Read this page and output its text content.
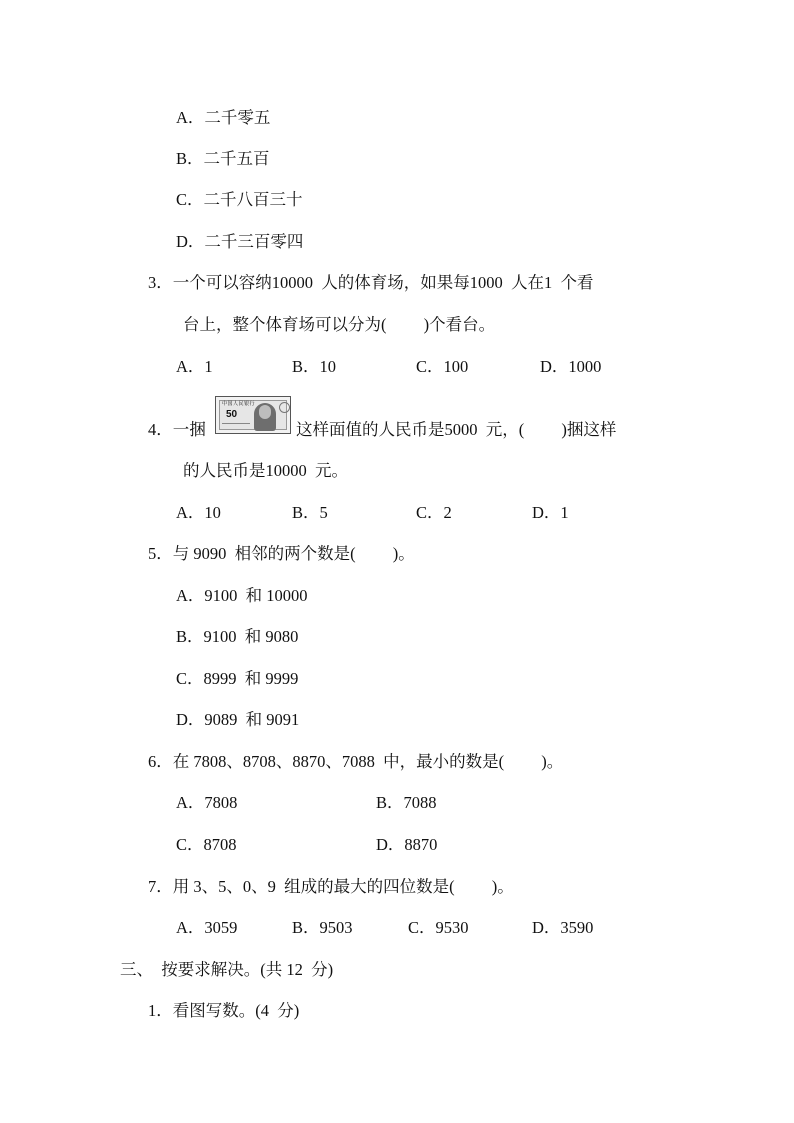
A．二千零五
B．二千五百
C．二千八百三十
D．二千三百零四
3．一个可以容纳10000  人的体育场，如果每1000  人在1  个看
台上，整个体育场可以分为(         )个看台。
A．1	B．10	C．100	D．1000
4．一捆
中国人民银行
50
这样面值的人民币是5000  元，(         )捆这样
的人民币是10000  元。
A．10	B．5	C．2	D．1
5．与 9090  相邻的两个数是(         )。
A．9100  和 10000
B．9100  和 9080
C．8999  和 9999
D．9089  和 9091
6．在 7808、8708、8870、7088  中，最小的数是(         )。
A．7808	B．7088
C．8708	D．8870
7．用 3、5、0、9  组成的最大的四位数是(         )。
A．3059	B．9503	C．9530	D．3590
三、  按要求解决。(共 12  分)
1．看图写数。(4  分)
